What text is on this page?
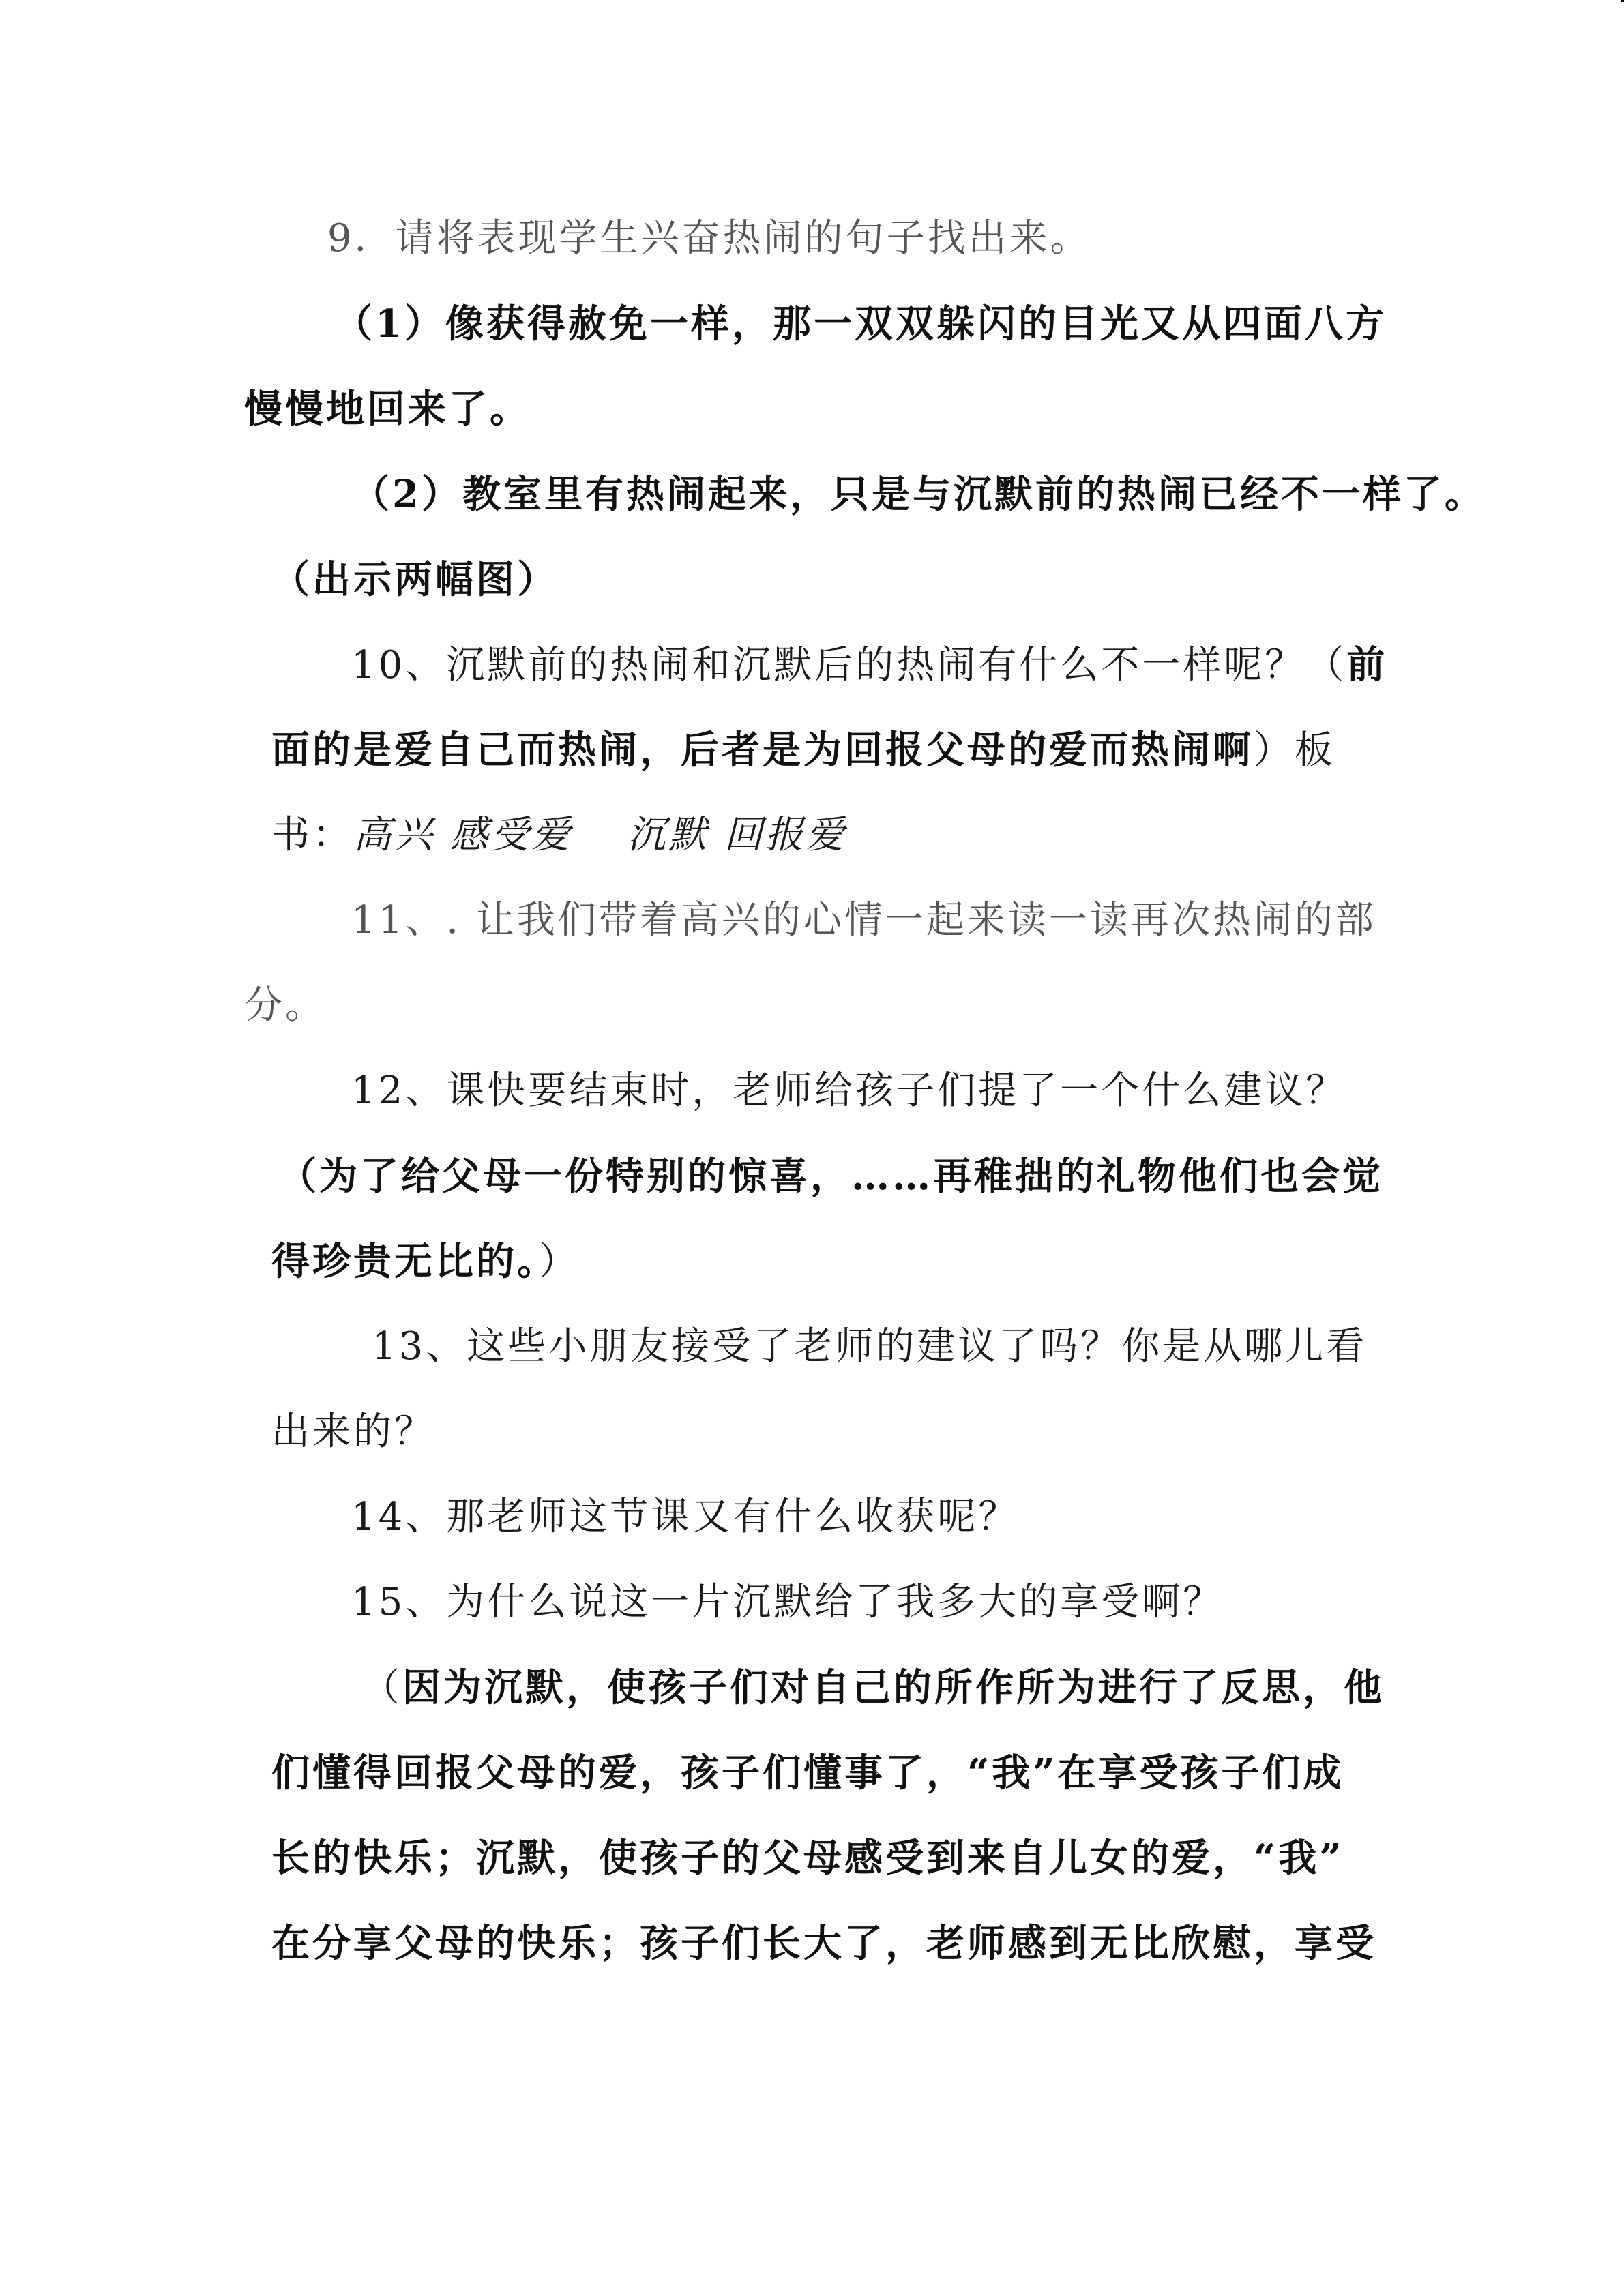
9．请将表现学生兴奋热闹的句子找出来。
（1）像获得赦免一样，那一双双躲闪的目光又从四面八方
慢慢地回来了。
（2）教室里有热闹起来，只是与沉默前的热闹已经不一样了。
（出示两幅图）
10、沉默前的热闹和沉默后的热闹有什么不一样呢？（前
面的是爱自己而热闹，后者是为回报父母的爱而热闹啊）板
书：高兴 感受爱 沉默 回报爱
11、. 让我们带着高兴的心情一起来读一读再次热闹的部
分。
12、课快要结束时，老师给孩子们提了一个什么建议？
（为了给父母一份特别的惊喜，……再稚拙的礼物他们也会觉
得珍贵无比的。）
13、这些小朋友接受了老师的建议了吗？你是从哪儿看
出来的？
14、那老师这节课又有什么收获呢？
15、为什么说这一片沉默给了我多大的享受啊？
（因为沉默，使孩子们对自己的所作所为进行了反思，他
们懂得回报父母的爱，孩子们懂事了，“我”在享受孩子们成
长的快乐；沉默，使孩子的父母感受到来自儿女的爱，“我”
在分享父母的快乐；孩子们长大了，老师感到无比欣慰，享受
